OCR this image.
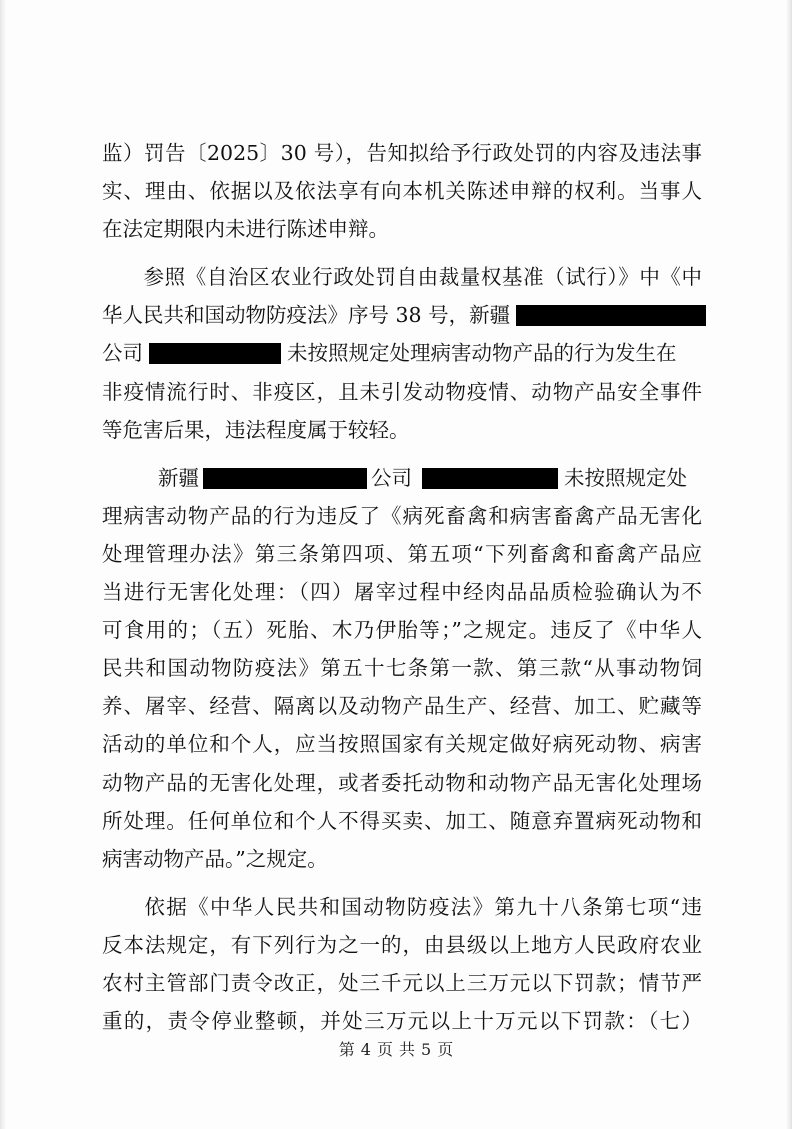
监）罚告〔2025〕30 号），告知拟给予行政处罚的内容及违法事
实、理由、依据以及依法享有向本机关陈述申辩的权利。当事人
在法定期限内未进行陈述申辩。
参照《自治区农业行政处罚自由裁量权基准（试行）》中《中
华人民共和国动物防疫法》序号 38 号，新疆
公司	未按照规定处理病害动物产品的行为发生在
非疫情流行时、非疫区，且未引发动物疫情、动物产品安全事件
等危害后果，违法程度属于较轻。
新疆	公司	未按照规定处
理病害动物产品的行为违反了《病死畜禽和病害畜禽产品无害化
处理管理办法》第三条第四项、第五项“下列畜禽和畜禽产品应
当进行无害化处理：（四）屠宰过程中经肉品品质检验确认为不
可食用的；（五）死胎、木乃伊胎等；”之规定。违反了《中华人
民共和国动物防疫法》第五十七条第一款、第三款“从事动物饲
养、屠宰、经营、隔离以及动物产品生产、经营、加工、贮藏等
活动的单位和个人，应当按照国家有关规定做好病死动物、病害
动物产品的无害化处理，或者委托动物和动物产品无害化处理场
所处理。任何单位和个人不得买卖、加工、随意弃置病死动物和
病害动物产品。”之规定。
依据《中华人民共和国动物防疫法》第九十八条第七项“违
反本法规定，有下列行为之一的，由县级以上地方人民政府农业
农村主管部门责令改正，处三千元以上三万元以下罚款；情节严
重的，责令停业整顿，并处三万元以上十万元以下罚款：（七）
第 4 页 共 5 页
